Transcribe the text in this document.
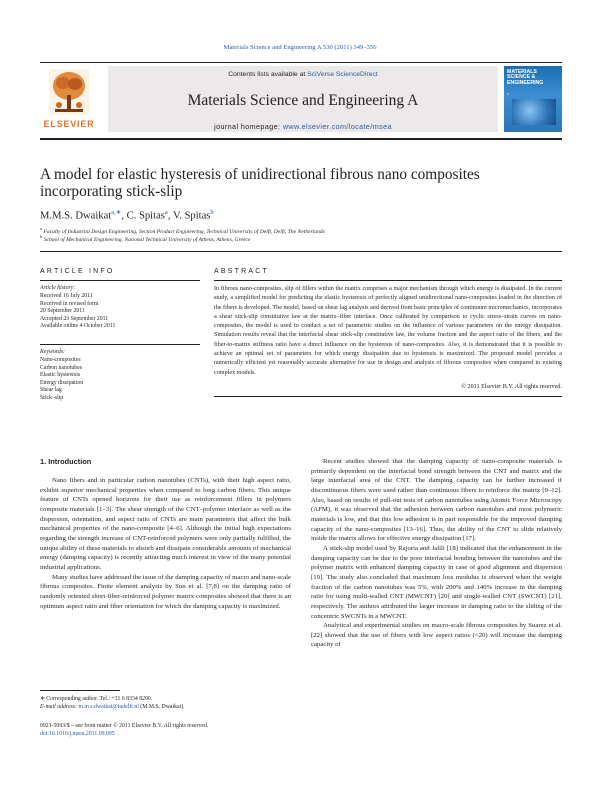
Materials Science and Engineering A 530 (2011) 349–356
ELSEVIER
Contents lists available at SciVerse ScienceDirect
Materials Science and Engineering A
journal homepage: www.elsevier.com/locate/msea
MATERIALS SCIENCE & ENGINEERING
A
A model for elastic hysteresis of unidirectional fibrous nano composites incorporating stick-slip
M.M.S. Dwaikat$^{a,∗}$, C. Spitas$^a$, V. Spitas$^b$
$^a$ Faculty of Industrial Design Engineering, Section Product Engineering, Technical University of Delft, Delft, The Netherlands
$^b$ School of Mechanical Engineering, National Technical University of Athens, Athens, Greece
ARTICLE INFO
Article history:
Received 16 July 2011
Received in revised form
20 September 2011
Accepted 23 September 2011
Available online 4 October 2011
Keywords:
Nano-composites
Carbon nanotubes
Elastic hysteresis
Energy dissipation
Shear lag
Stick–slip
ABSTRACT
In fibrous nano-composites, slip of fillers within the matrix comprises a major mechanism through which energy is dissipated. In the current study, a simplified model for predicting the elastic hysteresis of perfectly aligned unidirectional nano-composites loaded in the direction of the fibers is developed. The model, based on shear lag analysis and derived from basic principles of continuum micromechanics, incorporates a shear stick-slip constitutive law at the matrix–fiber interface. Once calibrated by comparison to cyclic stress–strain curves on nano-composites, the model is used to conduct a set of parametric studies on the influence of various parameters on the energy dissipation. Simulation results reveal that the interfacial shear stick-slip constitutive law, the volume fraction and the aspect ratio of the fibers, and the fiber-to-matrix stiffness ratio have a direct influence on the hysteresis of nano-composites. Also, it is demonstrated that it is possible to achieve an optimal set of parameters for which energy dissipation due to hysteresis is maximized. The proposed model provides a numerically efficient yet reasonably accurate alternative for use in design and analysis of fibrous composites when compared to existing complex models.
© 2011 Elsevier B.V. All rights reserved.
1. Introduction

Nano fibers and in particular carbon nanotubes (CNTs), with their high aspect ratio, exhibit superior mechanical properties when compared to long carbon fibers. This unique feature of CNTs opened horizons for their use as reinforcement fillers in polymers composite materials [1–3]. The shear strength of the CNT–polymer interface as well as the dispersion, orientation, and aspect ratio of CNTs are main parameters that affect the bulk mechanical properties of the nano-composite [4–6]. Although the initial high expectations regarding the strength increase of CNT-reinforced polymers were only partially fulfilled, the unique ability of these materials to absorb and dissipate considerable amounts of mechanical energy (damping capacity) is recently attracting much interest in view of the many potential industrial applications.

Many studies have addressed the issue of the damping capacity of macro and nano-scale fibrous composites. Finite element analysis by Sun et al. [7,8] on the damping ratio of randomly oriented short-fiber-reinforced polymer matrix composites showed that there is an optimum aspect ratio and fiber orientation for which the damping capacity is maximized.

Recent studies showed that the damping capacity of nano-composite materials is primarily dependent on the interfacial bond strength between the CNT and matrix and the large interfacial area of the CNT. The damping capacity can be further increased if discontinuous fibers were used rather than continuous fibers to reinforce the matrix [9–12]. Also, based on results of pull-out tests of carbon nanotubes using Atomic Force Microscopy (AFM), it was observed that the adhesion between carbon nanotubes and most polymeric materials is low, and that this low adhesion is in part responsible for the improved damping capacity of the nano-composites [13–16]. Thus, the ability of the CNT to slide relatively inside the matrix allows for effective energy dissipation [17].

A stick-slip model used by Rajoria and Jalili [18] indicated that the enhancement in the damping capacity can be due to the poor interfacial bonding between the nanotubes and the polymer matrix with enhanced damping capacity in case of good alignment and dispersion [19]. The study also concluded that maximum loss modulus is observed when the weight fraction of the carbon nanotubes was 5%, with 200% and 140% increase in the damping ratio for using multi-walled CNT (MWCNT) [20] and single-walled CNT (SWCNT) [21], respectively. The authors attributed the larger increase in damping ratio to the sliding of the concentric SWCNTs in a MWCNT.

Analytical and experimental studies on macro-scale fibrous composites by Suarez et al. [22] showed that the use of fibers with low aspect ratios (<20) will increase the damping capacity of

∗ Corresponding author. Tel.: +31 6 8334 8290.
E-mail address: m.m.s.dwaikat@tudelft.nl (M.M.S. Dwaikat).
0921-5093/$ – see front matter © 2011 Elsevier B.V. All rights reserved.
doi:10.1016/j.msea.2011.09.095
